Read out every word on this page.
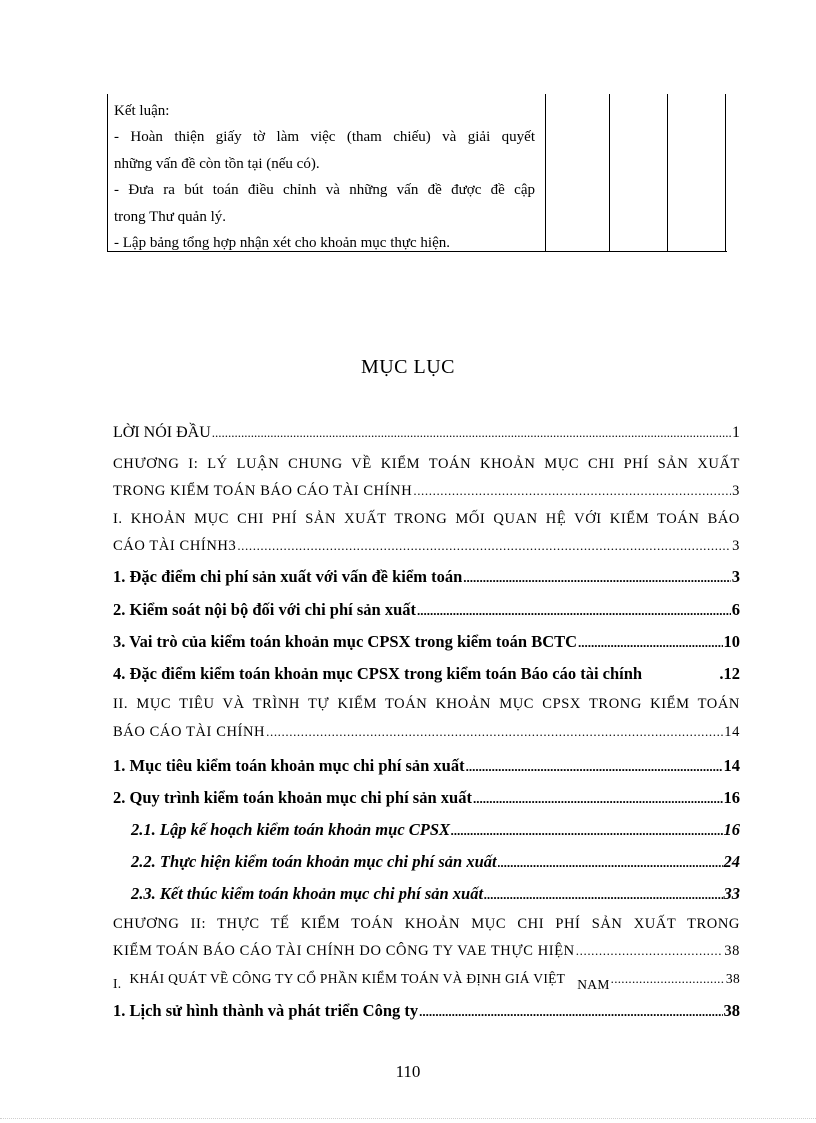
Kết luận:
- Hoàn thiện giấy tờ làm việc (tham chiếu) và giải quyết
những vấn đề còn tồn tại (nếu có).
- Đưa ra bút toán điều chỉnh và những vấn đề được đề cập
trong Thư quản lý.
- Lập bảng tổng hợp nhận xét cho khoản mục thực hiện.
MỤC LỤC
LỜI NÓI ĐẦU .....	1
CHƯƠNG I: LÝ LUẬN CHUNG VỀ KIỂM TOÁN KHOẢN MỤC CHI PHÍ SẢN XUẤT
TRONG KIỂM TOÁN BÁO CÁO TÀI CHÍNH .....	3
I. KHOẢN MỤC CHI PHÍ SẢN XUẤT TRONG MỐI QUAN HỆ VỚI KIỂM TOÁN BÁO
CÁO TÀI CHÍNH3 .....	3
1. Đặc điểm chi phí sản xuất với vấn đề kiểm toán .....	3
2. Kiểm soát nội bộ đối với chi phí sản xuất .....	6
3. Vai trò của kiểm toán khoản mục CPSX trong kiểm toán BCTC .....	10
4. Đặc điểm kiểm toán khoản mục CPSX trong kiểm toán Báo cáo tài chính	.12
II. MỤC TIÊU VÀ TRÌNH TỰ KIỂM TOÁN KHOẢN MỤC CPSX TRONG KIỂM TOÁN
BÁO CÁO TÀI CHÍNH .....	14
1. Mục tiêu kiểm toán khoản mục chi phí sản xuất .....	14
2. Quy trình kiểm toán khoản mục chi phí sản xuất .....	16
2.1. Lập kế hoạch kiểm toán khoản mục CPSX .....	16
2.2. Thực hiện kiểm toán khoản mục chi phí sản xuất .....	24
2.3. Kết thúc kiểm toán khoản mục chi phí sản xuất .....	33
CHƯƠNG II: THỰC TẾ KIỂM TOÁN KHOẢN MỤC CHI PHÍ SẢN XUẤT TRONG
KIỂM TOÁN BÁO CÁO TÀI CHÍNH DO CÔNG TY VAE THỰC HIỆN .....	38
I. KHÁI QUÁT VỀ CÔNG TY CỔ PHẦN KIỂM TOÁN VÀ ĐỊNH GIÁ VIỆT NAM .....	38
1. Lịch sử hình thành và phát triển Công ty .....	38
110
